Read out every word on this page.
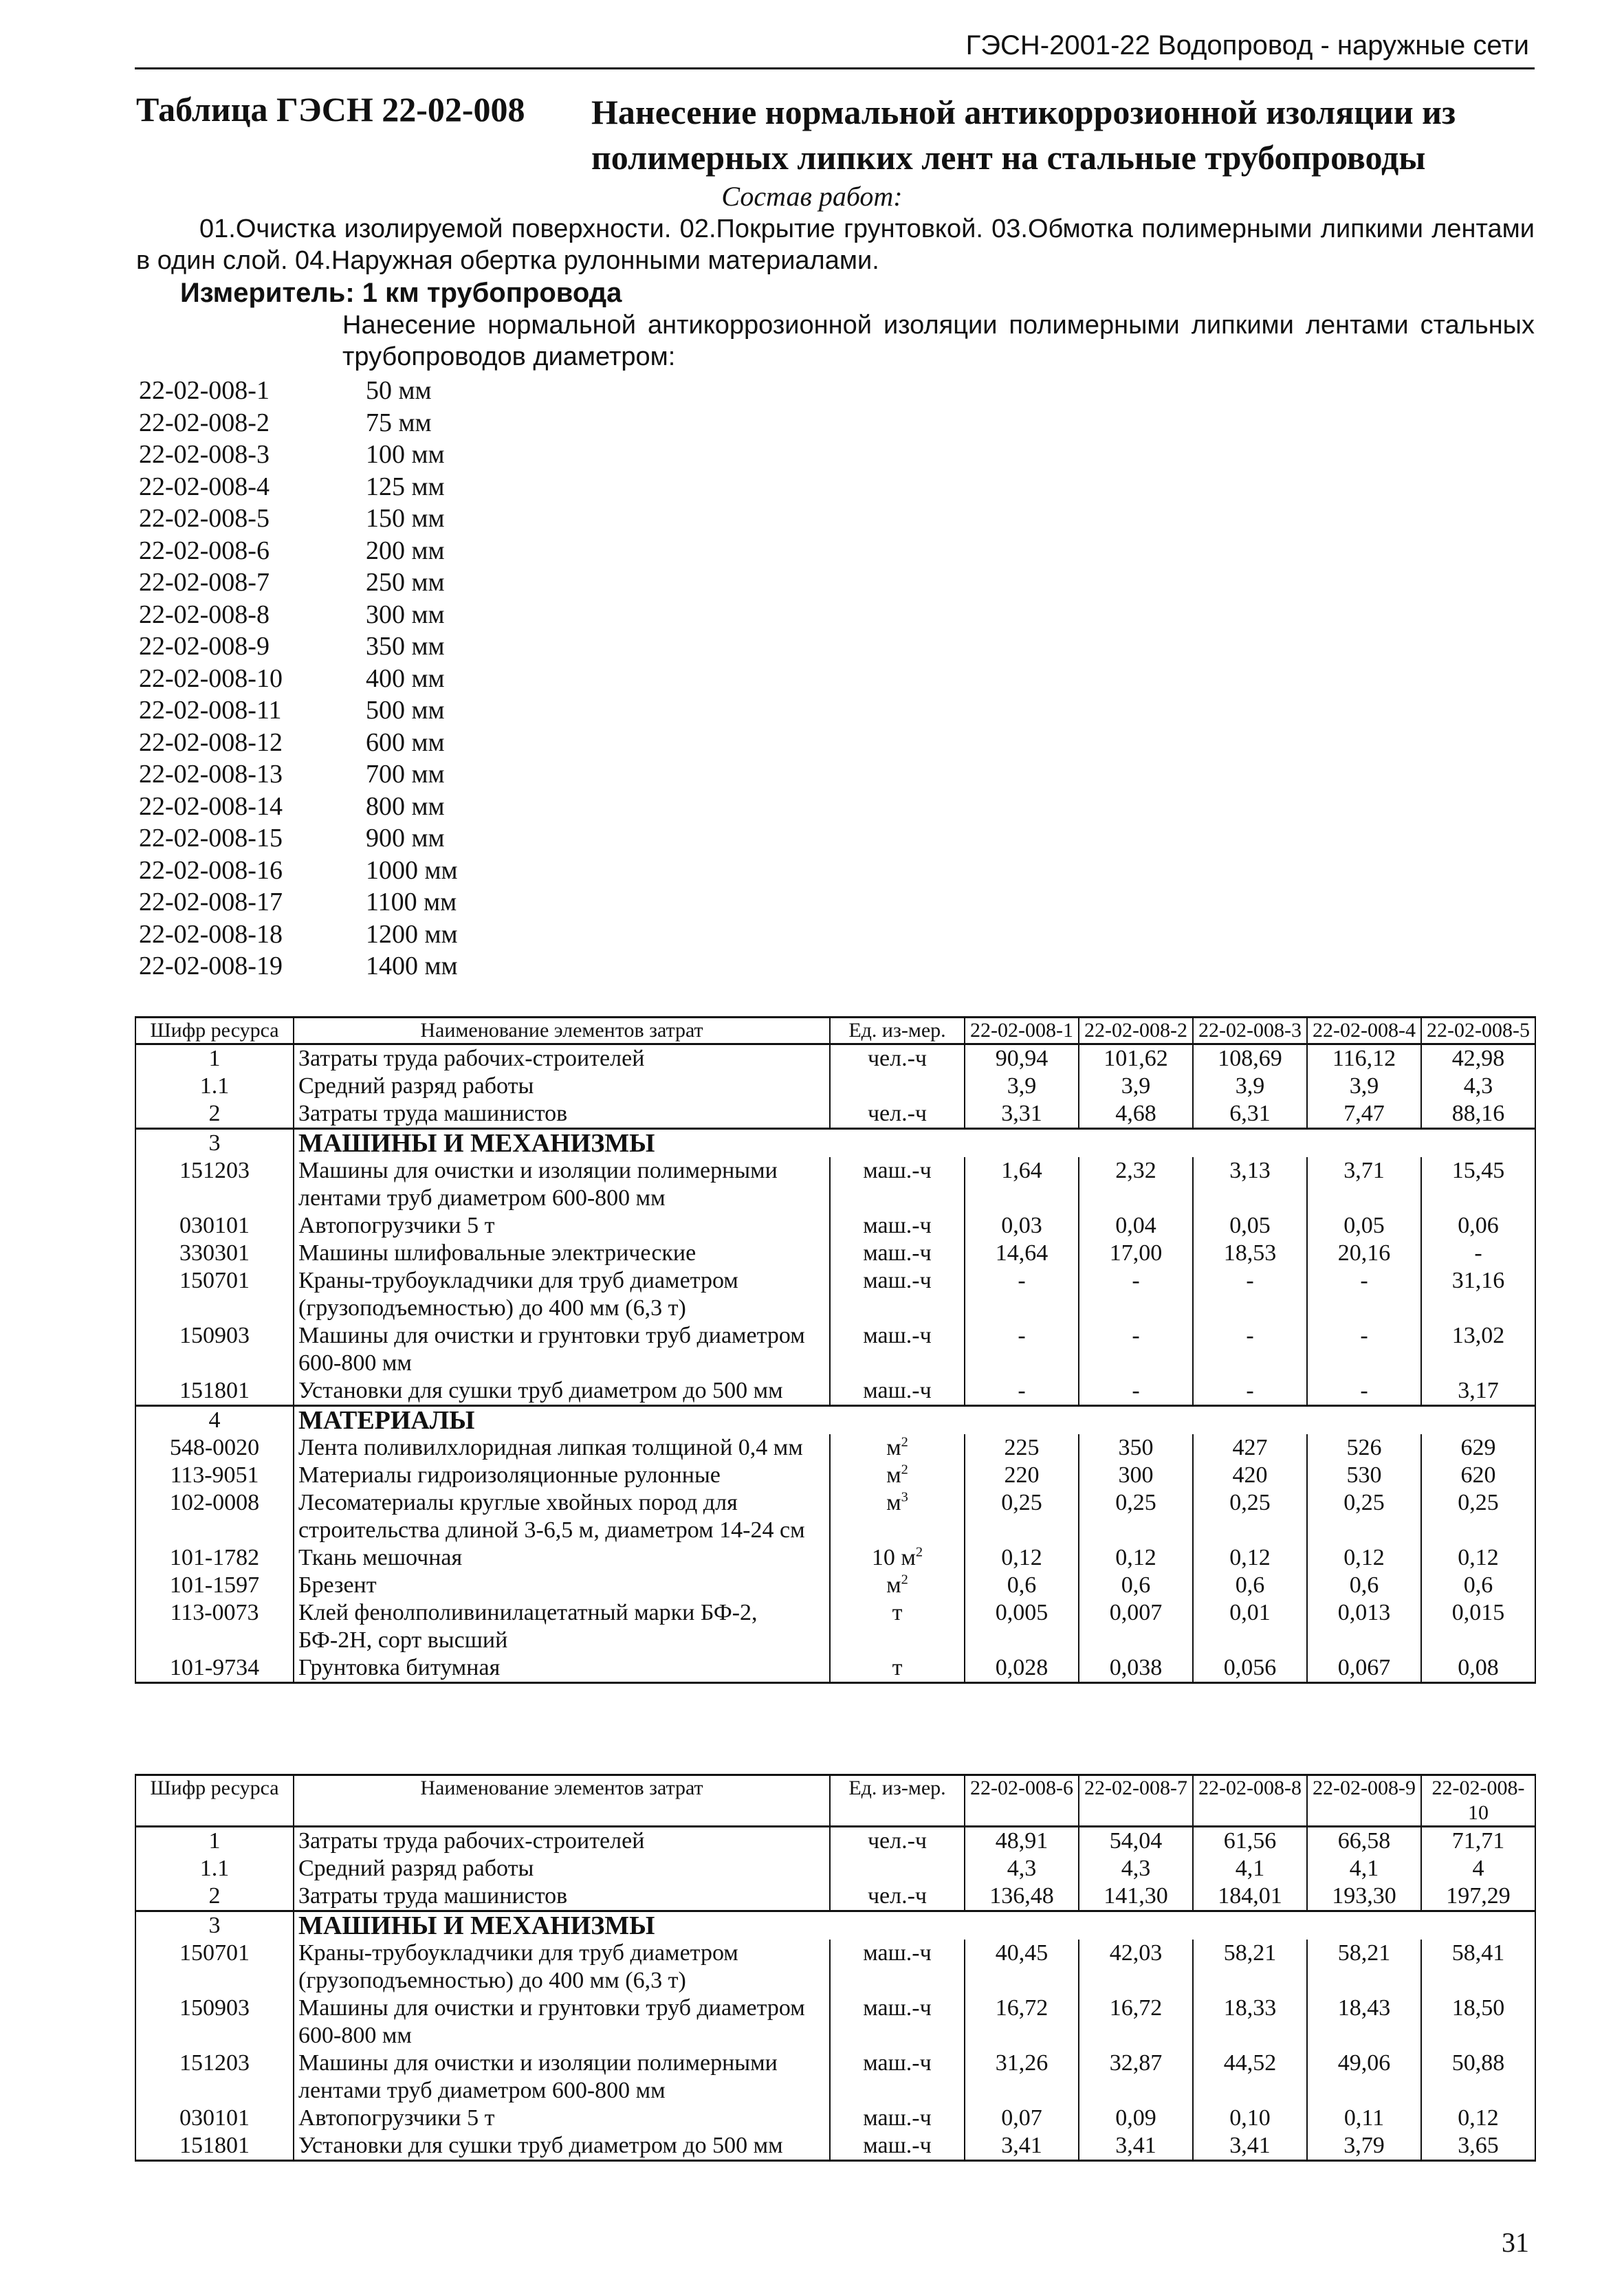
ГЭСН-2001-22 Водопровод - наружные сети
Таблица ГЭСН 22-02-008 Нанесение нормальной антикоррозионной изоляции из полимерных липких лент на стальные трубопроводы
Состав работ:
01.Очистка изолируемой поверхности. 02.Покрытие грунтовкой. 03.Обмотка полимерными липкими лентами в один слой. 04.Наружная обертка рулонными материалами.
Измеритель: 1 км трубопровода
Нанесение нормальной антикоррозионной изоляции полимерными липкими лентами стальных трубопроводов диаметром:
22-02-008-1	50 мм
22-02-008-2	75 мм
22-02-008-3	100 мм
22-02-008-4	125 мм
22-02-008-5	150 мм
22-02-008-6	200 мм
22-02-008-7	250 мм
22-02-008-8	300 мм
22-02-008-9	350 мм
22-02-008-10	400 мм
22-02-008-11	500 мм
22-02-008-12	600 мм
22-02-008-13	700 мм
22-02-008-14	800 мм
22-02-008-15	900 мм
22-02-008-16	1000 мм
22-02-008-17	1100 мм
22-02-008-18	1200 мм
22-02-008-19	1400 мм
Шифр ресурса	Наименование элементов затрат	Ед. из-мер.	22-02-008-1	22-02-008-2	22-02-008-3	22-02-008-4	22-02-008-5
1	Затраты труда рабочих-строителей	чел.-ч	90,94	101,62	108,69	116,12	42,98
1.1	Средний разряд работы		3,9	3,9	3,9	3,9	4,3
2	Затраты труда машинистов	чел.-ч	3,31	4,68	6,31	7,47	88,16
3	МАШИНЫ И МЕХАНИЗМЫ						
151203	Машины для очистки и изоляции полимерными лентами труб диаметром 600-800 мм	маш.-ч	1,64	2,32	3,13	3,71	15,45
030101	Автопогрузчики 5 т	маш.-ч	0,03	0,04	0,05	0,05	0,06
330301	Машины шлифовальные электрические	маш.-ч	14,64	17,00	18,53	20,16	-
150701	Краны-трубоукладчики для труб диаметром (грузоподъемностью) до 400 мм (6,3 т)	маш.-ч	-	-	-	-	31,16
150903	Машины для очистки и грунтовки труб диаметром 600-800 мм	маш.-ч	-	-	-	-	13,02
151801	Установки для сушки труб диаметром до 500 мм	маш.-ч	-	-	-	-	3,17
4	МАТЕРИАЛЫ						
548-0020	Лента поливилхлоридная липкая толщиной 0,4 мм	$м^2$	225	350	427	526	629
113-9051	Материалы гидроизоляционные рулонные	$м^2$	220	300	420	530	620
102-0008	Лесоматериалы круглые хвойных пород для строительства длиной 3-6,5 м, диаметром 14-24 см	$м^3$	0,25	0,25	0,25	0,25	0,25
101-1782	Ткань мешочная	10 $м^2$	0,12	0,12	0,12	0,12	0,12
101-1597	Брезент	$м^2$	0,6	0,6	0,6	0,6	0,6
113-0073	Клей фенолполивинилацетатный марки БФ-2, БФ-2Н, сорт высший	т	0,005	0,007	0,01	0,013	0,015
101-9734	Грунтовка битумная	т	0,028	0,038	0,056	0,067	0,08
Шифр ресурса	Наименование элементов затрат	Ед. из-мер.	22-02-008-6	22-02-008-7	22-02-008-8	22-02-008-9	22-02-008-10
1	Затраты труда рабочих-строителей	чел.-ч	48,91	54,04	61,56	66,58	71,71
1.1	Средний разряд работы		4,3	4,3	4,1	4,1	4
2	Затраты труда машинистов	чел.-ч	136,48	141,30	184,01	193,30	197,29
3	МАШИНЫ И МЕХАНИЗМЫ						
150701	Краны-трубоукладчики для труб диаметром (грузоподъемностью) до 400 мм (6,3 т)	маш.-ч	40,45	42,03	58,21	58,21	58,41
150903	Машины для очистки и грунтовки труб диаметром 600-800 мм	маш.-ч	16,72	16,72	18,33	18,43	18,50
151203	Машины для очистки и изоляции полимерными лентами труб диаметром 600-800 мм	маш.-ч	31,26	32,87	44,52	49,06	50,88
030101	Автопогрузчики 5 т	маш.-ч	0,07	0,09	0,10	0,11	0,12
151801	Установки для сушки труб диаметром до 500 мм	маш.-ч	3,41	3,41	3,41	3,79	3,65
31
